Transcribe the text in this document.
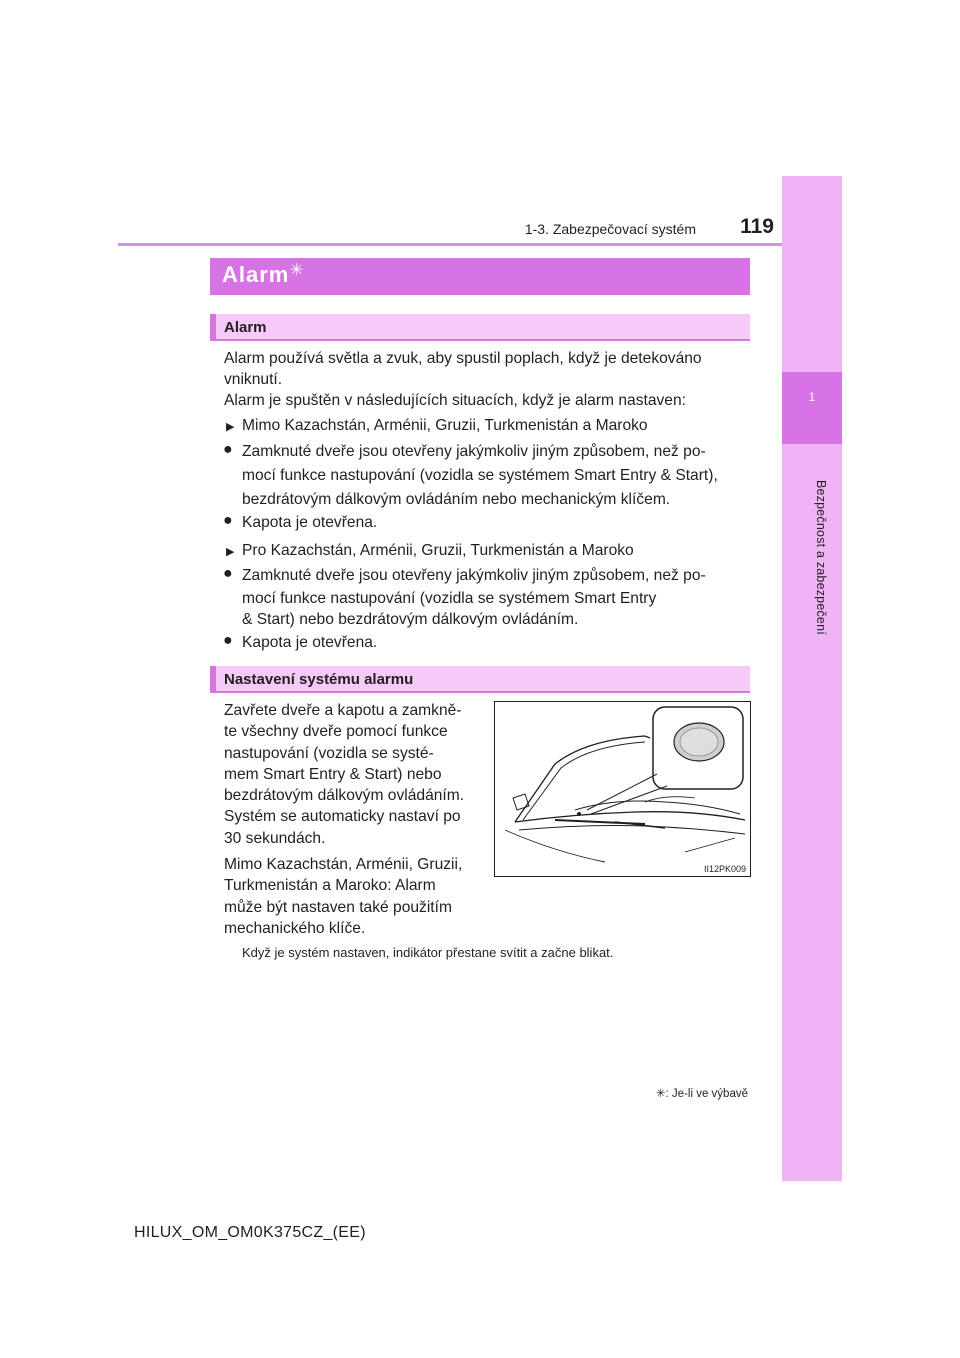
1-3. Zabezpečovací systém	119
1
Bezpečnost a zabezpečení
Alarm ✳
Alarm
Alarm používá světla a zvuk, aby spustil poplach, když je detekováno
vniknutí.
Alarm je spuštěn v následujících situacích, když je alarm nastaven:
▶ Mimo Kazachstán, Arménii, Gruzii, Turkmenistán a Maroko
● Zamknuté dveře jsou otevřeny jakýmkoliv jiným způsobem, než po-
mocí funkce nastupování (vozidla se systémem Smart Entry & Start),
bezdrátovým dálkovým ovládáním nebo mechanickým klíčem.
● Kapota je otevřena.
▶ Pro Kazachstán, Arménii, Gruzii, Turkmenistán a Maroko
● Zamknuté dveře jsou otevřeny jakýmkoliv jiným způsobem, než po-
mocí funkce nastupování (vozidla se systémem Smart Entry
& Start) nebo bezdrátovým dálkovým ovládáním.
● Kapota je otevřena.
Nastavení systému alarmu
Zavřete dveře a kapotu a zamkně-
te všechny dveře pomocí funkce
nastupování (vozidla se systé-
mem Smart Entry & Start) nebo
bezdrátovým dálkovým ovládáním.
Systém se automaticky nastaví po
30 sekundách.
Mimo Kazachstán, Arménii, Gruzii,
Turkmenistán a Maroko: Alarm
může být nastaven také použitím
mechanického klíče.
II12PK009
Když je systém nastaven, indikátor přestane svítit a začne blikat.
✳: Je-li ve výbavě
HILUX_OM_OM0K375CZ_(EE)
